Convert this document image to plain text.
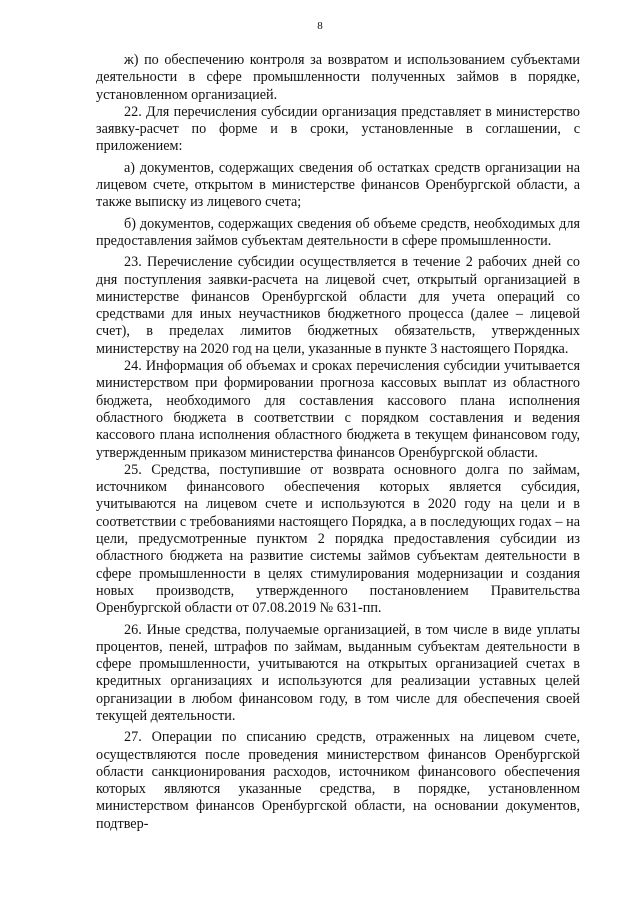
8

ж) по обеспечению контроля за возвратом и использованием субъектами деятельности в сфере промышленности полученных займов в порядке, установленном организацией.

22. Для перечисления субсидии организация представляет в министерство заявку-расчет по форме и в сроки, установленные в соглашении, с приложением:

а) документов, содержащих сведения об остатках средств организации на лицевом счете, открытом в министерстве финансов Оренбургской области, а также выписку из лицевого счета;

б) документов, содержащих сведения об объеме средств, необходимых для предоставления займов субъектам деятельности в сфере промышленности.

23. Перечисление субсидии осуществляется в течение 2 рабочих дней со дня поступления заявки-расчета на лицевой счет, открытый организацией в министерстве финансов Оренбургской области для учета операций со средствами для иных неучастников бюджетного процесса (далее – лицевой счет), в пределах лимитов бюджетных обязательств, утвержденных министерству на 2020 год на цели, указанные в пункте 3 настоящего Порядка.

24. Информация об объемах и сроках перечисления субсидии учитывается министерством при формировании прогноза кассовых выплат из областного бюджета, необходимого для составления кассового плана исполнения областного бюджета в соответствии с порядком составления и ведения кассового плана исполнения областного бюджета в текущем финансовом году, утвержденным приказом министерства финансов Оренбургской области.

25. Средства, поступившие от возврата основного долга по займам, источником финансового обеспечения которых является субсидия, учитываются на лицевом счете и используются в 2020 году на цели и в соответствии с требованиями настоящего Порядка, а в последующих годах – на цели, предусмотренные пунктом 2 порядка предоставления субсидии из областного бюджета на развитие системы займов субъектам деятельности в сфере промышленности в целях стимулирования модернизации и создания новых производств, утвержденного постановлением Правительства Оренбургской области от 07.08.2019 № 631-пп.

26. Иные средства, получаемые организацией, в том числе в виде уплаты процентов, пеней, штрафов по займам, выданным субъектам деятельности в сфере промышленности, учитываются на открытых организацией счетах в кредитных организациях и используются для реализации уставных целей организации в любом финансовом году, в том числе для обеспечения своей текущей деятельности.

27. Операции по списанию средств, отраженных на лицевом счете, осуществляются после проведения министерством финансов Оренбургской области санкционирования расходов, источником финансового обеспечения которых являются указанные средства, в порядке, установленном министерством финансов Оренбургской области, на основании документов, подтвер-
